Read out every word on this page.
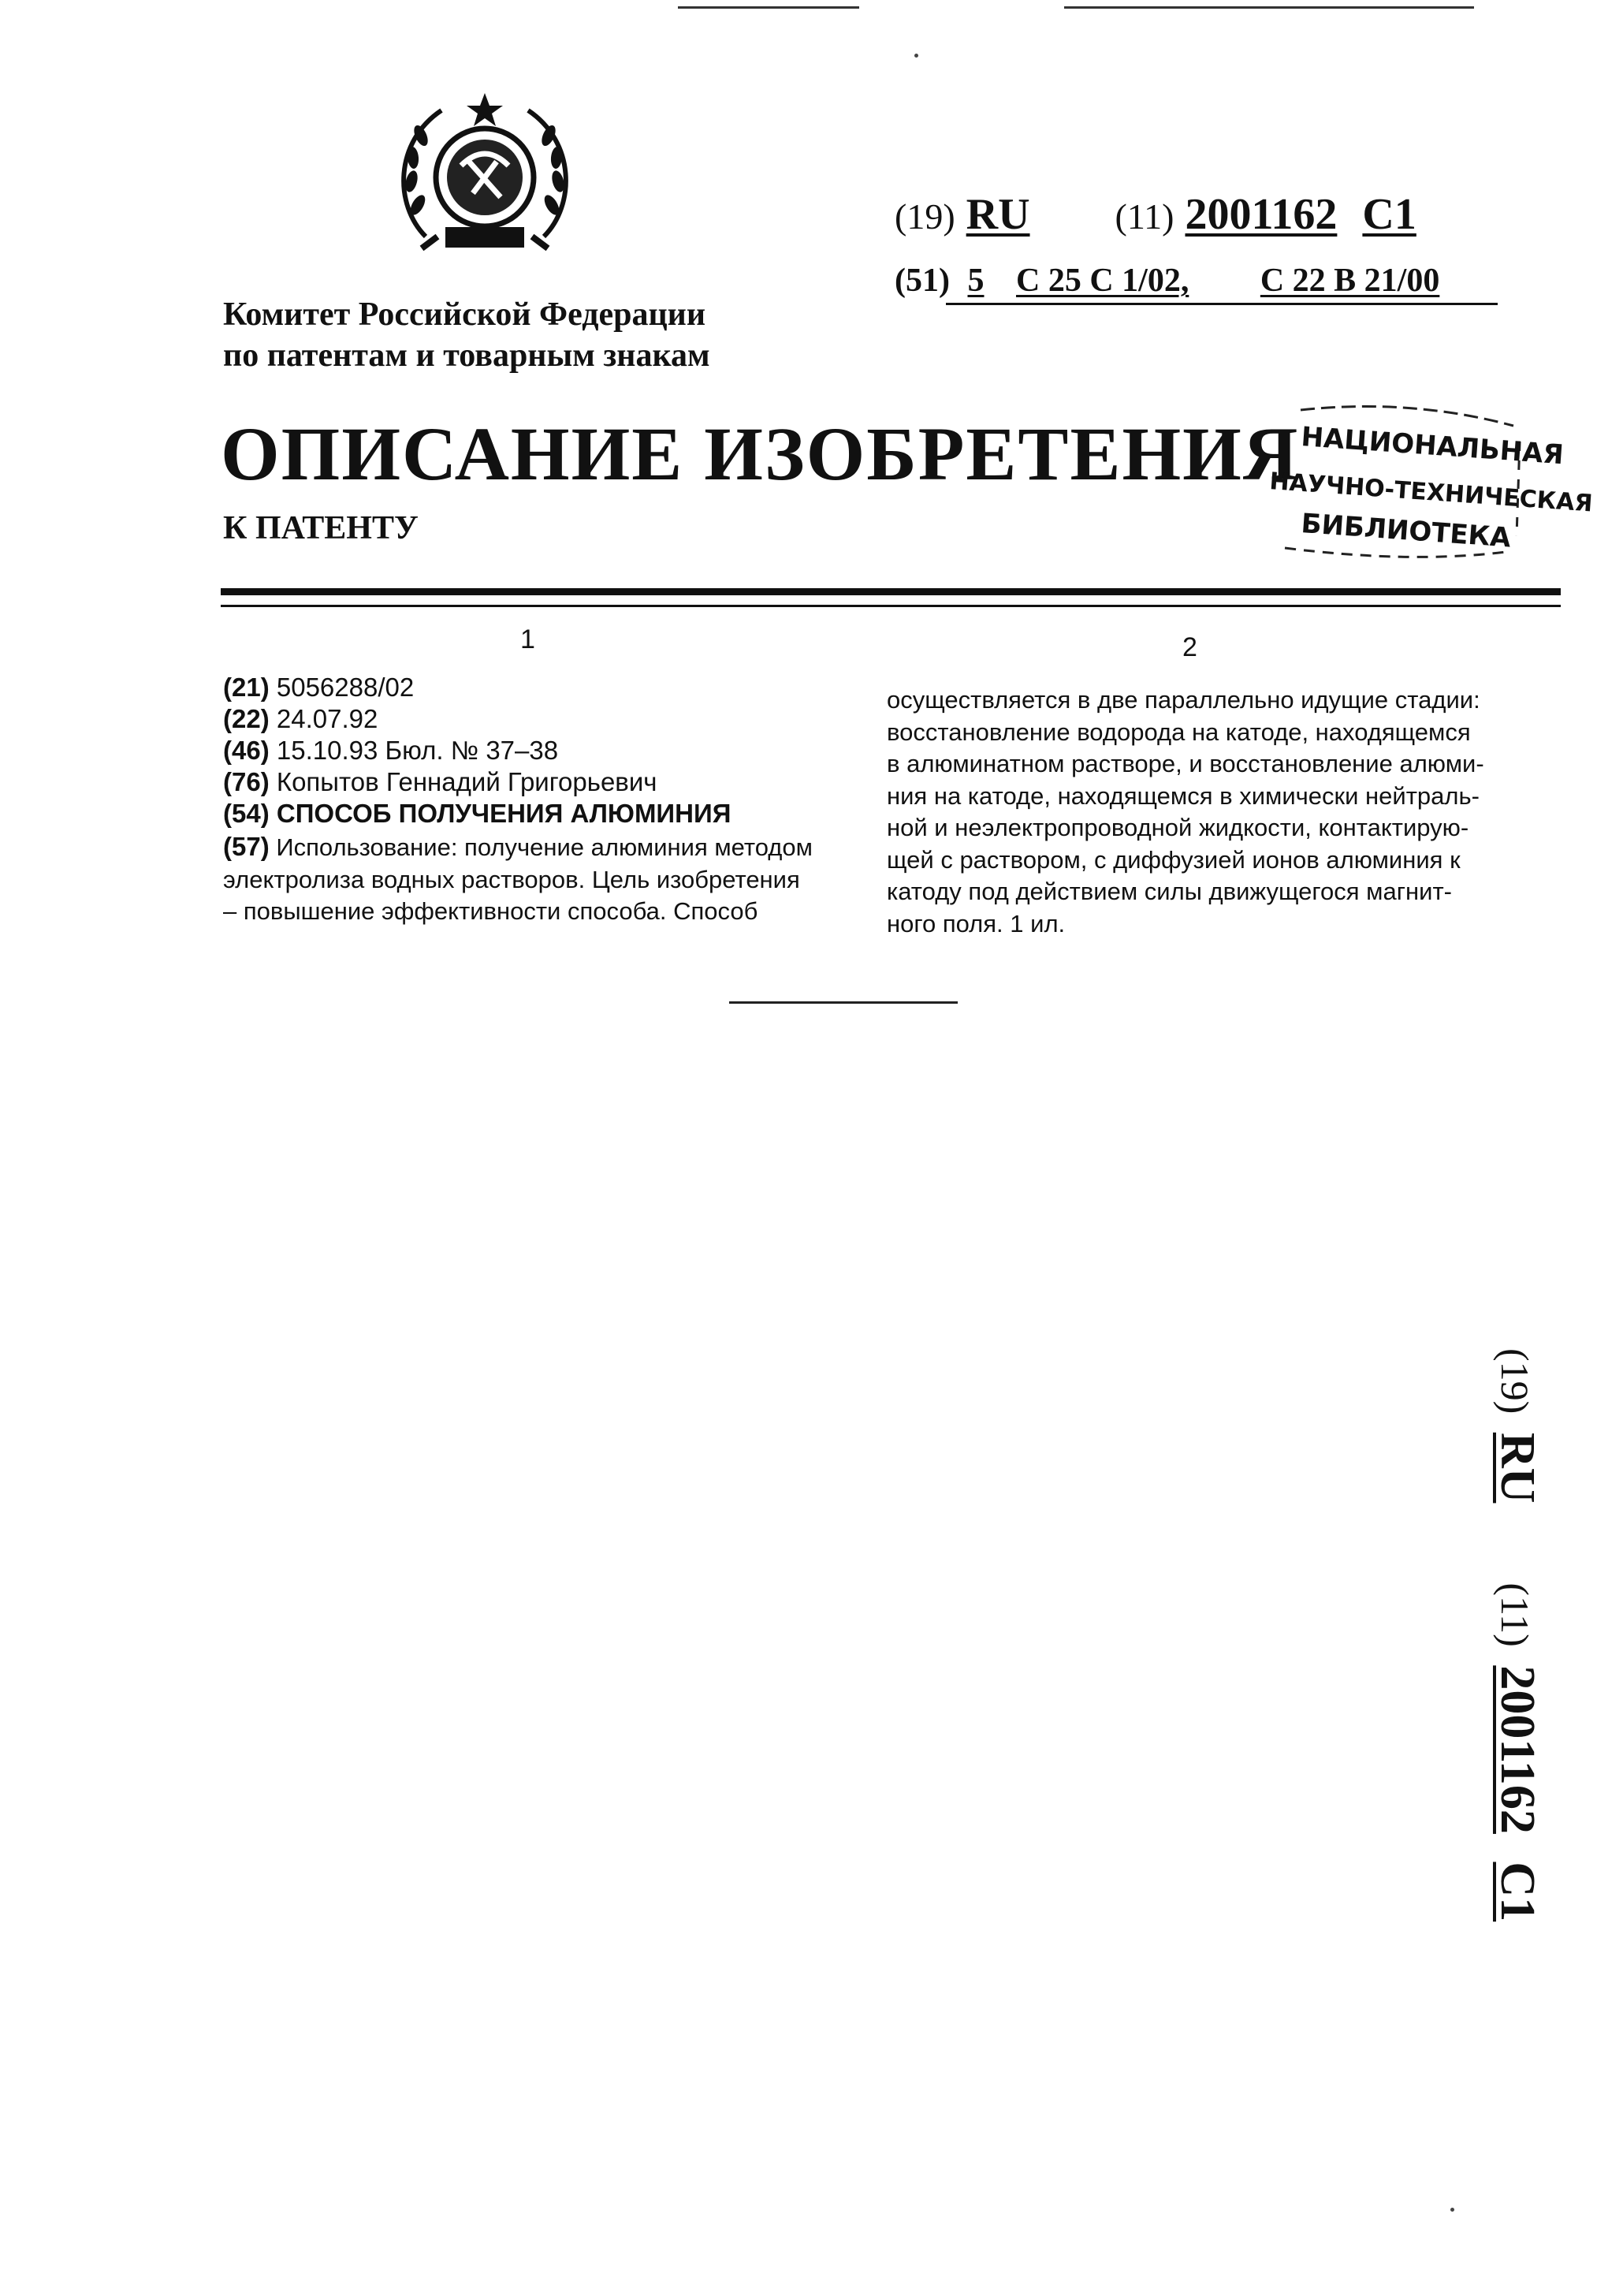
(19) RU (11) 2001162 C1
(51) 5 C 25 C 1/02, C 22 B 21/00
Комитет Российской Федерации
по патентам и товарным знакам
ОПИСАНИЕ ИЗОБРЕТЕНИЯ
К ПАТЕНТУ
НАЦИОНАЛЬНАЯ
НАУЧНО-ТЕХНИЧЕСКАЯ
БИБЛИОТЕКА
1	2
(21) 5056288/02
(22) 24.07.92
(46) 15.10.93 Бюл. № 37–38
(76) Копытов Геннадий Григорьевич
(54) СПОСОБ ПОЛУЧЕНИЯ АЛЮМИНИЯ
(57) Использование: получение алюминия методом
электролиза водных растворов. Цель изобретения
– повышение эффективности способа. Способ
осуществляется в две параллельно идущие стадии:
восстановление водорода на катоде, находящемся
в алюминатном растворе, и восстановление алюми-
ния на катоде, находящемся в химически нейтраль-
ной и неэлектропроводной жидкости, контактирую-
щей с раствором, с диффузией ионов алюминия к
катоду под действием силы движущегося магнит-
ного поля. 1 ил.
(19) RU  (11) 2001162 C1
